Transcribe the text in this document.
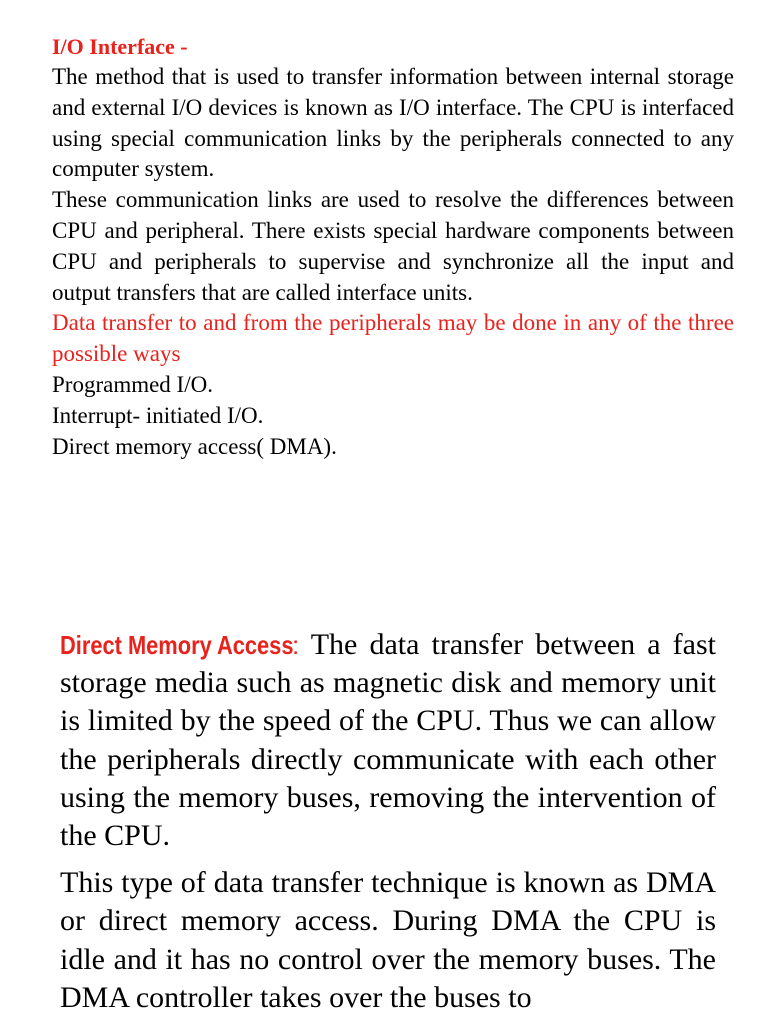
I/O Interface -

The method that is used to transfer information between internal storage and external I/O devices is known as I/O interface. The CPU is interfaced using special communication links by the peripherals connected to any computer system.

These communication links are used to resolve the differences between CPU and peripheral. There exists special hardware components between CPU and peripherals to supervise and synchronize all the input and output transfers that are called interface units.

Data transfer to and from the peripherals may be done in any of the three possible ways

Programmed I/O.

Interrupt- initiated I/O.

Direct memory access( DMA).

Direct Memory Access: The data transfer between a fast storage media such as magnetic disk and memory unit is limited by the speed of the CPU. Thus we can allow the peripherals directly communicate with each other using the memory buses, removing the intervention of the CPU.

This type of data transfer technique is known as DMA or direct memory access. During DMA the CPU is idle and it has no control over the memory buses. The DMA controller takes over the buses to
